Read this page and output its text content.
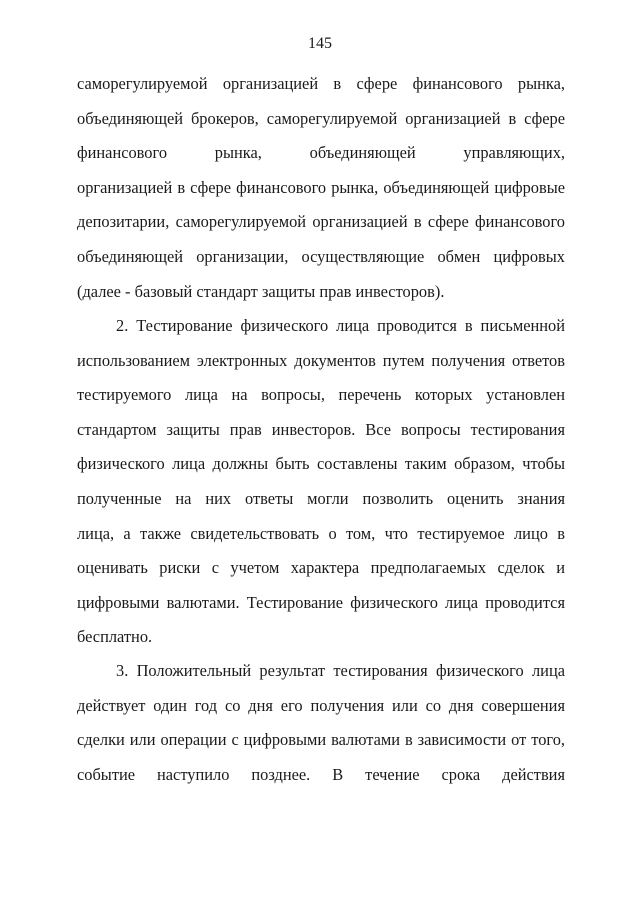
145
саморегулируемой организацией в сфере финансового рынка,
объединяющей брокеров, саморегулируемой организацией в сфере
финансового рынка, объединяющей управляющих,
организацией в сфере финансового рынка, объединяющей цифровые
депозитарии, саморегулируемой организацией в сфере финансового
объединяющей организации, осуществляющие обмен цифровых
(далее - базовый стандарт защиты прав инвесторов).
2. Тестирование физического лица проводится в письменной
использованием электронных документов путем получения ответов
тестируемого лица на вопросы, перечень которых установлен
стандартом защиты прав инвесторов. Все вопросы тестирования
физического лица должны быть составлены таким образом, чтобы
полученные на них ответы могли позволить оценить знания
лица, а также свидетельствовать о том, что тестируемое лицо в
оценивать риски с учетом характера предполагаемых сделок и
цифровыми валютами. Тестирование физического лица проводится
бесплатно.
3. Положительный результат тестирования физического лица
действует один год со дня его получения или со дня совершения
сделки или операции с цифровыми валютами в зависимости от того,
событие наступило позднее. В течение срока действия
